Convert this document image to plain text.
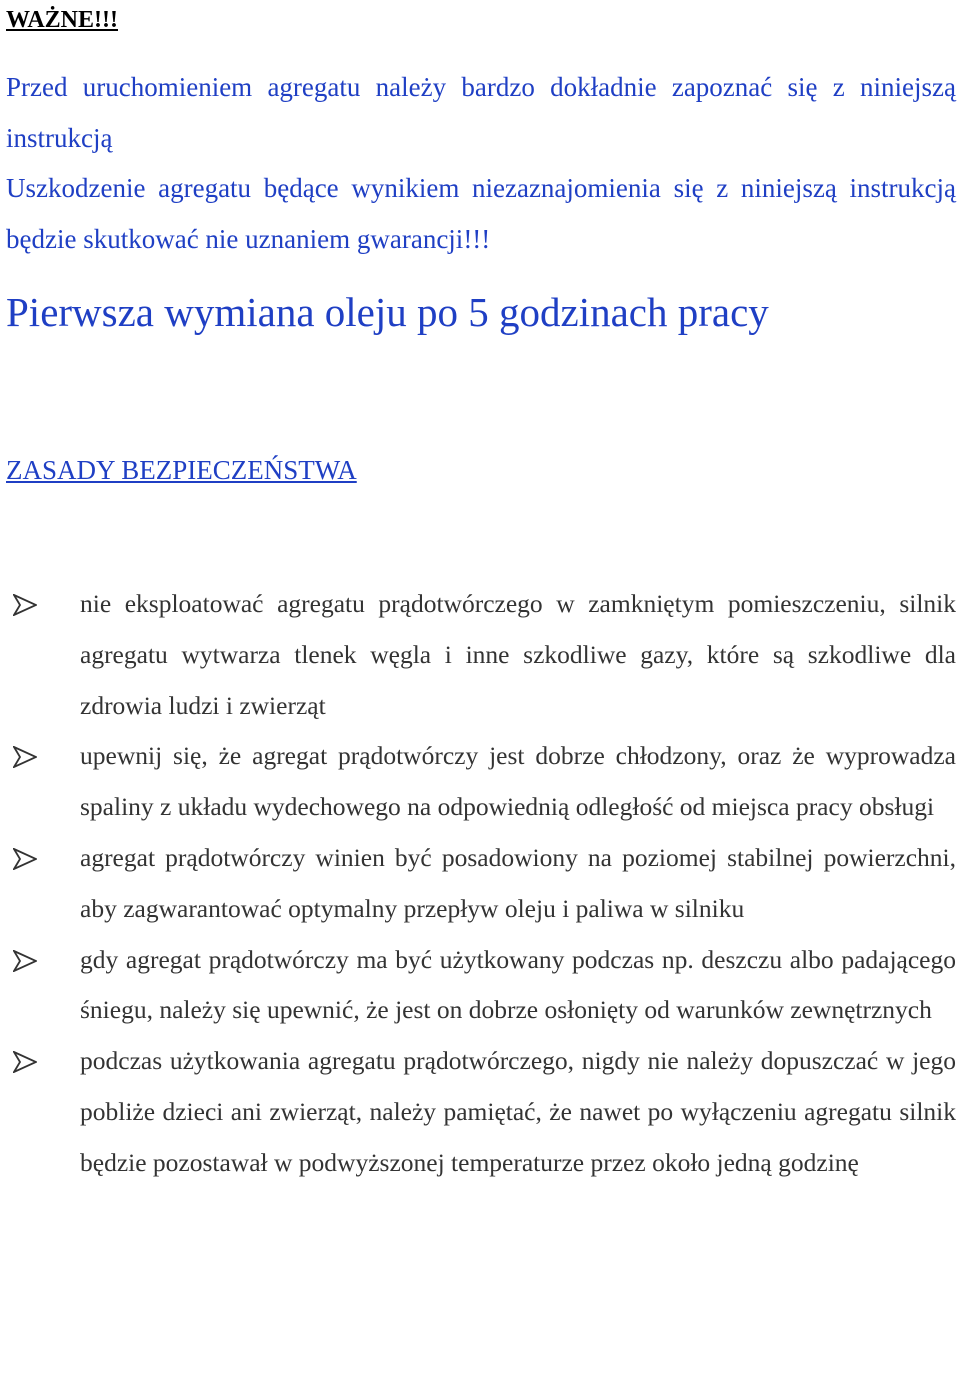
WAŻNE!!!

Przed uruchomieniem agregatu należy bardzo dokładnie zapoznać się z niniejszą instrukcją

Uszkodzenie agregatu będące wynikiem niezaznajomienia się z niniejszą instrukcją będzie skutkować nie uznaniem gwarancji!!!

Pierwsza wymiana oleju po 5 godzinach pracy
ZASADY BEZPIECZEŃSTWA
nie eksploatować agregatu prądotwórczego w zamkniętym pomieszczeniu, silnik agregatu wytwarza tlenek węgla i inne szkodliwe gazy, które są szkodliwe dla zdrowia ludzi i zwierząt
upewnij się, że agregat prądotwórczy jest dobrze chłodzony, oraz że wyprowadza spaliny z układu wydechowego na odpowiednią odległość od miejsca pracy obsługi
agregat prądotwórczy winien być posadowiony na poziomej stabilnej powierzchni, aby zagwarantować optymalny przepływ oleju i paliwa w silniku
gdy agregat prądotwórczy ma być użytkowany podczas np. deszczu albo padającego śniegu, należy się upewnić, że jest on dobrze osłonięty od warunków zewnętrznych
podczas użytkowania agregatu prądotwórczego, nigdy nie należy dopuszczać w jego pobliże dzieci ani zwierząt, należy pamiętać, że nawet po wyłączeniu agregatu silnik będzie pozostawał w podwyższonej temperaturze przez około jedną godzinę
